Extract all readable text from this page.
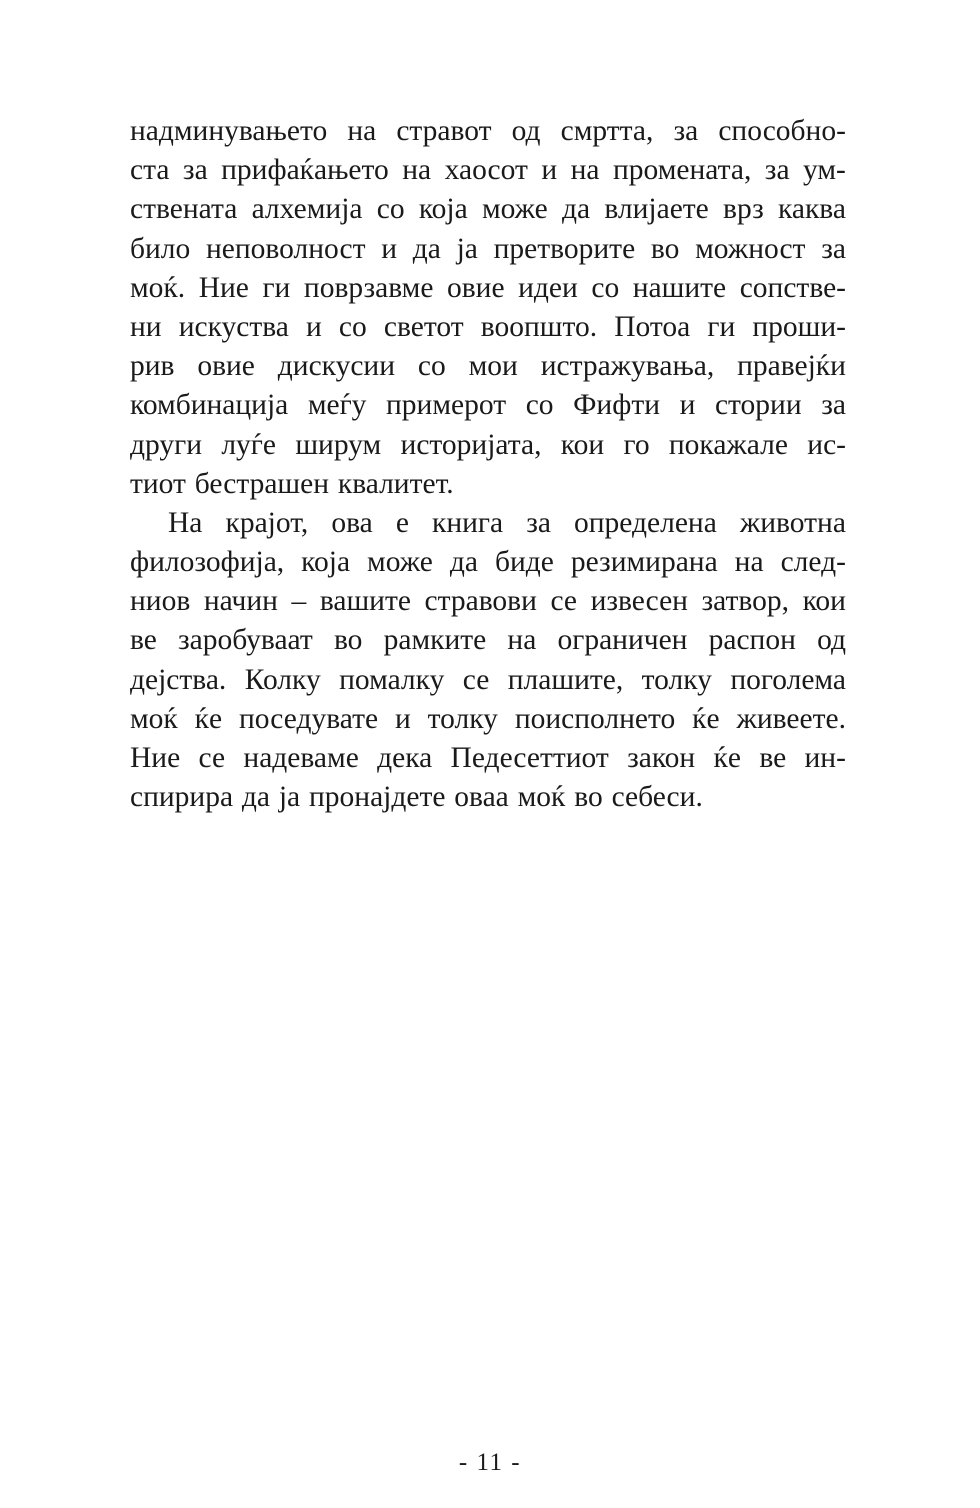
надминувањето на стравот од смртта, за способно-
ста за прифаќањето на хаосот и на промената, за ум-
ствената алхемија со која може да влијаете врз каква
било неповолност и да ја претворите во можност за
моќ. Ние ги поврзавме овие идеи со нашите сопстве-
ни искуства и со светот воопшто. Потоа ги проши-
рив овие дискусии со мои истражувања, правејќи
комбинација меѓу примерот со Фифти и стории за
други луѓе ширум историјата, кои го покажале ис-
тиот бестрашен квалитет.
На крајот, ова е книга за определена животна
филозофија, која може да биде резимирана на след-
ниов начин – вашите стравови се извесен затвор, кои
ве заробуваат во рамките на ограничен распон од
дејства. Колку помалку се плашите, толку поголема
моќ ќе поседувате и толку поисполнето ќе живеете.
Ние се надеваме дека Педесеттиот закон ќе ве ин-
спирира да ја пронајдете оваа моќ во себеси.
- 11 -
